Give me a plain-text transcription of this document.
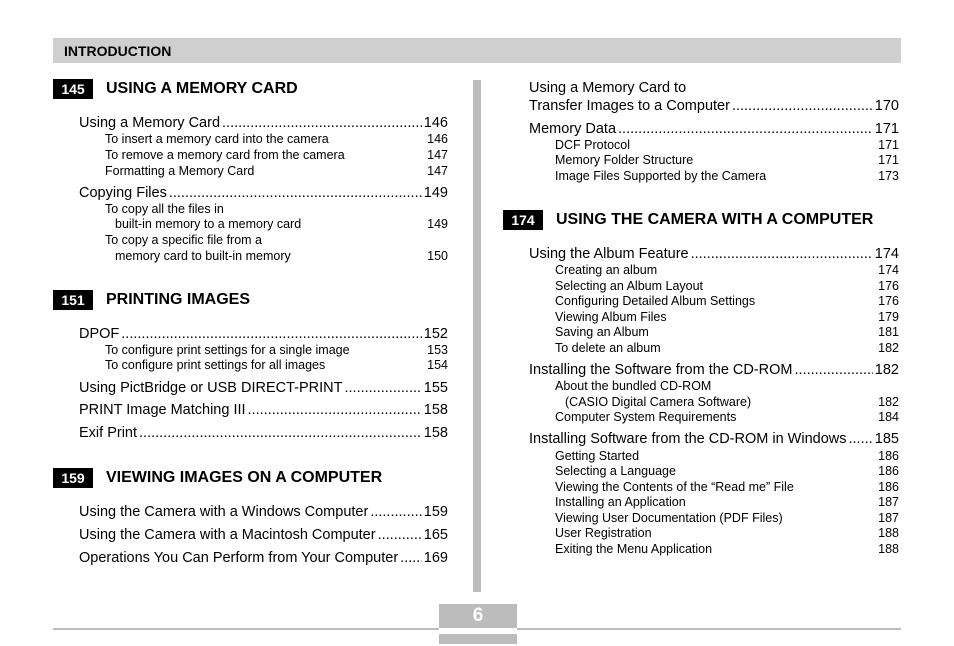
INTRODUCTION
145	USING A MEMORY CARD
Using a Memory Card .....	146
To insert a memory card into the camera	146
To remove a memory card from the camera	147
Formatting a Memory Card	147
Copying Files .....	149
To copy all the files in
built-in memory to a memory card	149
To copy a specific file from a
memory card to built-in memory	150
151	PRINTING IMAGES
DPOF .....	152
To configure print settings for a single image	153
To configure print settings for all images	154
Using PictBridge or USB DIRECT-PRINT .....	155
PRINT Image Matching III .....	158
Exif Print .....	158
159	VIEWING IMAGES ON A COMPUTER
Using the Camera with a Windows Computer .....	159
Using the Camera with a Macintosh Computer .....	165
Operations You Can Perform from Your Computer ..... 169
Using a Memory Card to
Transfer Images to a Computer .....	170
Memory Data .....	171
DCF Protocol	171
Memory Folder Structure	171
Image Files Supported by the Camera	173
174	USING THE CAMERA WITH A COMPUTER
Using the Album Feature .....	174
Creating an album	174
Selecting an Album Layout	176
Configuring Detailed Album Settings	176
Viewing Album Files	179
Saving an Album	181
To delete an album	182
Installing the Software from the CD-ROM .....	182
About the bundled CD-ROM
(CASIO Digital Camera Software)	182
Computer System Requirements	184
Installing Software from the CD-ROM in Windows ..... 185
Getting Started	186
Selecting a Language	186
Viewing the Contents of the “Read me” File	186
Installing an Application	187
Viewing User Documentation (PDF Files)	187
User Registration	188
Exiting the Menu Application	188
6
